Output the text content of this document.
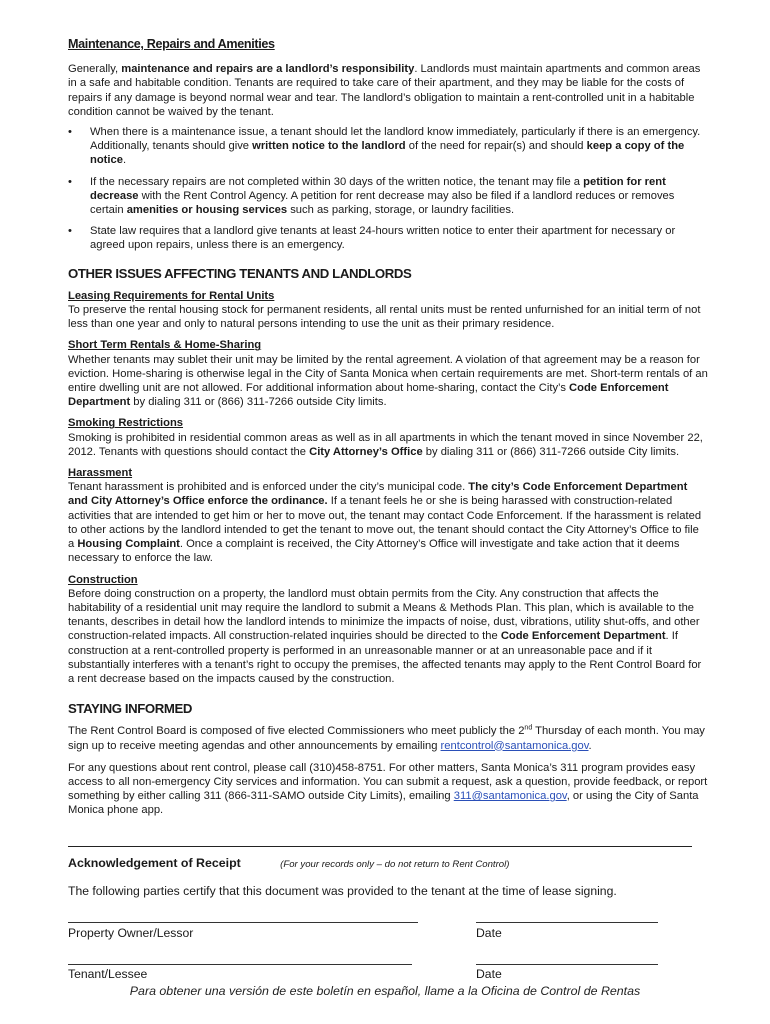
Maintenance, Repairs and Amenities

Generally, maintenance and repairs are a landlord’s responsibility. Landlords must maintain apartments and common areas in a safe and habitable condition. Tenants are required to take care of their apartment, and they may be liable for the costs of repairs if any damage is beyond normal wear and tear. The landlord’s obligation to maintain a rent-controlled unit in a habitable condition cannot be waived by the tenant.

•	When there is a maintenance issue, a tenant should let the landlord know immediately, particularly if there is an emergency. Additionally, tenants should give written notice to the landlord of the need for repair(s) and should keep a copy of the notice.
•	If the necessary repairs are not completed within 30 days of the written notice, the tenant may file a petition for rent decrease with the Rent Control Agency. A petition for rent decrease may also be filed if a landlord reduces or removes certain amenities or housing services such as parking, storage, or laundry facilities.
•	State law requires that a landlord give tenants at least 24-hours written notice to enter their apartment for necessary or agreed upon repairs, unless there is an emergency.
OTHER ISSUES AFFECTING TENANTS AND LANDLORDS
Leasing Requirements for Rental Units
To preserve the rental housing stock for permanent residents, all rental units must be rented unfurnished for an initial term of not less than one year and only to natural persons intending to use the unit as their primary residence.
Short Term Rentals & Home-Sharing
Whether tenants may sublet their unit may be limited by the rental agreement. A violation of that agreement may be a reason for eviction. Home-sharing is otherwise legal in the City of Santa Monica when certain requirements are met. Short-term rentals of an entire dwelling unit are not allowed. For additional information about home-sharing, contact the City’s Code Enforcement Department by dialing 311 or (866) 311-7266 outside City limits.
Smoking Restrictions
Smoking is prohibited in residential common areas as well as in all apartments in which the tenant moved in since November 22, 2012. Tenants with questions should contact the City Attorney’s Office by dialing 311 or (866) 311-7266 outside City limits.
Harassment
Tenant harassment is prohibited and is enforced under the city’s municipal code. The city’s Code Enforcement Department and City Attorney’s Office enforce the ordinance. If a tenant feels he or she is being harassed with construction-related activities that are intended to get him or her to move out, the tenant may contact Code Enforcement. If the harassment is related to other actions by the landlord intended to get the tenant to move out, the tenant should contact the City Attorney’s Office to file a Housing Complaint. Once a complaint is received, the City Attorney’s Office will investigate and take action that it deems necessary to enforce the law.
Construction
Before doing construction on a property, the landlord must obtain permits from the City. Any construction that affects the habitability of a residential unit may require the landlord to submit a Means & Methods Plan. This plan, which is available to the tenants, describes in detail how the landlord intends to minimize the impacts of noise, dust, vibrations, utility shut-offs, and other construction-related impacts. All construction-related inquiries should be directed to the Code Enforcement Department. If construction at a rent-controlled property is performed in an unreasonable manner or at an unreasonable pace and if it substantially interferes with a tenant’s right to occupy the premises, the affected tenants may apply to the Rent Control Board for a rent decrease based on the impacts caused by the construction.
STAYING INFORMED

The Rent Control Board is composed of five elected Commissioners who meet publicly the 2nd Thursday of each month. You may sign up to receive meeting agendas and other announcements by emailing rentcontrol@santamonica.gov.

For any questions about rent control, please call (310)458-8751. For other matters, Santa Monica’s 311 program provides easy access to all non-emergency City services and information. You can submit a request, ask a question, provide feedback, or report something by either calling 311 (866-311-SAMO outside City Limits), emailing 311@santamonica.gov, or using the City of Santa Monica phone app.

Acknowledgement of Receipt	(For your records only – do not return to Rent Control)
The following parties certify that this document was provided to the tenant at the time of lease signing.
Property Owner/Lessor	Date
Tenant/Lessee	Date
Para obtener una versión de este boletín en español, llame a la Oficina de Control de Rentas
